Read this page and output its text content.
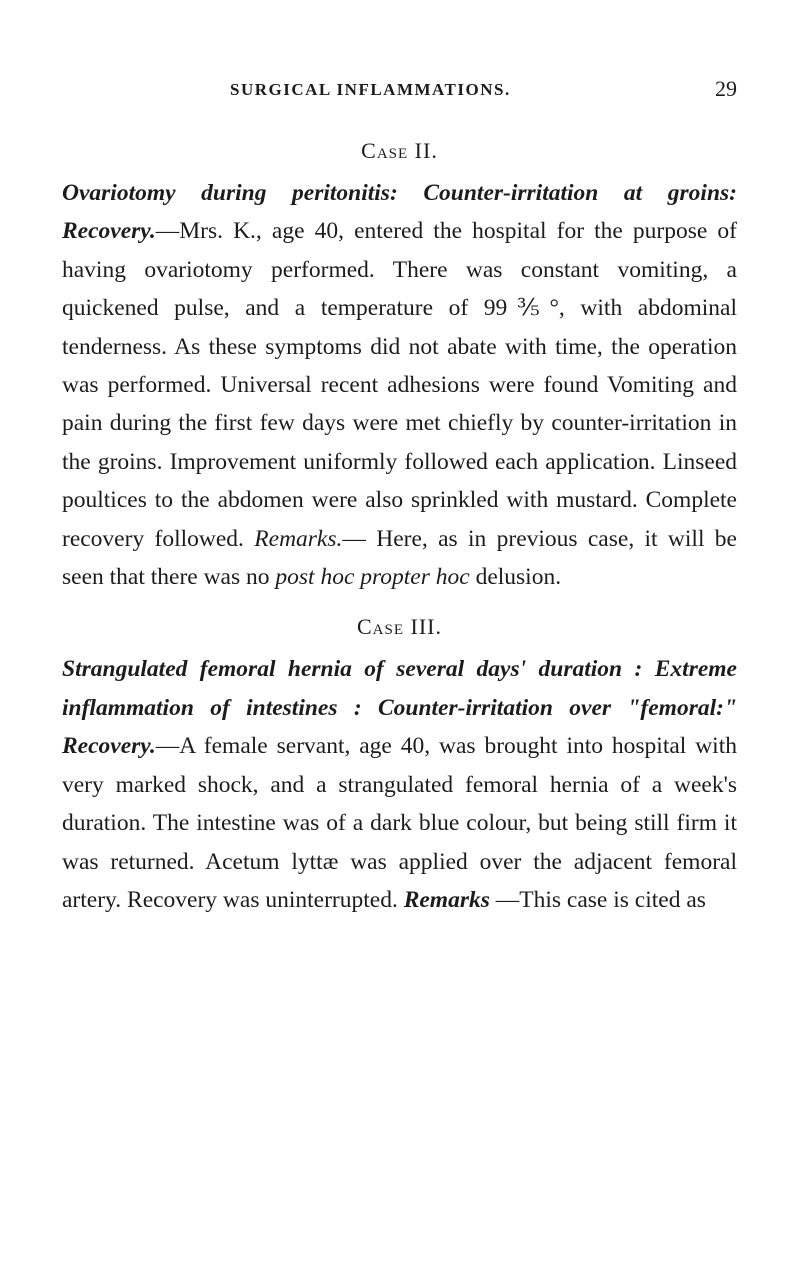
SURGICAL INFLAMMATIONS.	29
Case II.

Ovariotomy during peritonitis: Counter-irritation at groins: Recovery.—Mrs. K., age 40, entered the hospital for the purpose of having ovariotomy performed. There was constant vomiting, a quickened pulse, and a temperature of 99⅗°, with abdominal tenderness. As these symptoms did not abate with time, the operation was performed. Universal recent adhesions were found Vomiting and pain during the first few days were met chiefly by counter-irritation in the groins. Improvement uniformly followed each application. Linseed poultices to the abdomen were also sprinkled with mustard. Complete recovery followed. Remarks.— Here, as in previous case, it will be seen that there was no post hoc propter hoc delusion.

Case III.

Strangulated femoral hernia of several days' duration : Extreme inflammation of intestines : Counter-irritation over "femoral:" Recovery.—A female servant, age 40, was brought into hospital with very marked shock, and a strangulated femoral hernia of a week's duration. The intestine was of a dark blue colour, but being still firm it was returned. Acetum lyttæ was applied over the adjacent femoral artery. Recovery was uninterrupted. Remarks —This case is cited as
